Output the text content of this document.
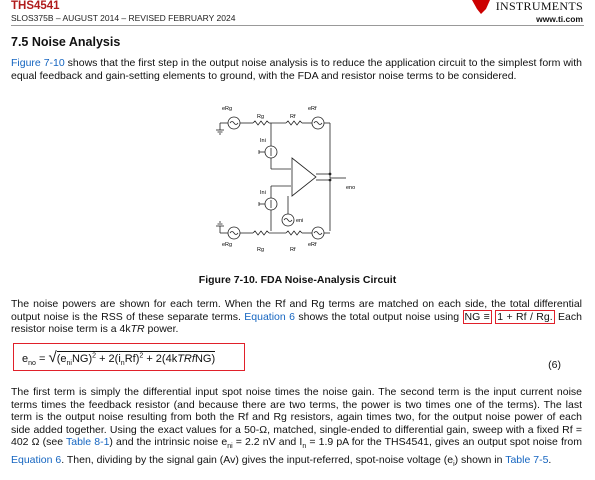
THS4541
SLOS375B – AUGUST 2014 – REVISED FEBRUARY 2024
INSTRUMENTS
www.ti.com
7.5 Noise Analysis
Figure 7-10 shows that the first step in the output noise analysis is to reduce the application circuit to the simplest form with equal feedback and gain-setting elements to ground, with the FDA and resistor noise terms to be considered.
eRg	eRf
Rg	Rf
Ini
eno
Ini
eni
eRg	eRf
Rg	Rf
Figure 7-10. FDA Noise-Analysis Circuit
The noise powers are shown for each term. When the Rf and Rg terms are matched on each side, the total differential output noise is the RSS of these separate terms. Equation 6 shows the total output noise using NG ≡ 1 + Rf / Rg. Each resistor noise term is a 4kTR power.
$e_{no} = √(e_{ni}NG)^2 + 2(i_nRf)^2$ + 2(4kTRfNG)	(6)
The first term is simply the differential input spot noise times the noise gain. The second term is the input current noise terms times the feedback resistor (and because there are two terms, the power is two times one of the terms). The last term is the output noise resulting from both the Rf and Rg resistors, again times two, for the output noise power of each side added together. Using the exact values for a 50-Ω, matched, single-ended to differential gain, sweep with a fixed Rf = 402 Ω (see Table 8-1) and the intrinsic noise $e_{ni} = 2.2$ nV and $I_n = 1.9$ pA for the THS4541, gives an output spot noise from Equation 6. Then, dividing by the signal gain (Av) gives the input-referred, spot-noise voltage $(e_i)$ shown in Table 7-5.
